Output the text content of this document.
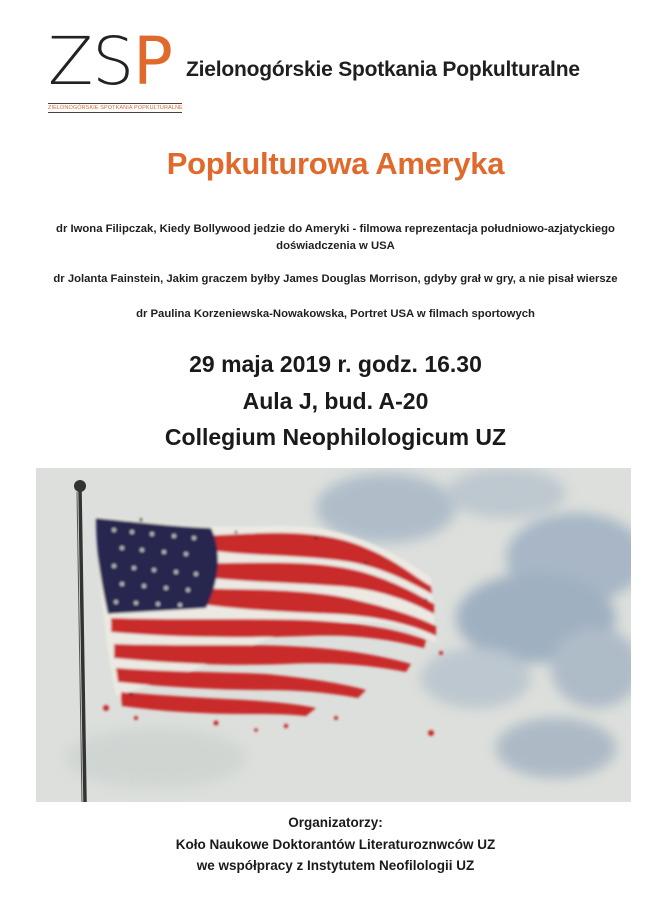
ZSP
ZIELONOGÓRSKIE SPOTKANIA POPKULTURALNE
Zielonogórskie Spotkania Popkulturalne
Popkulturowa Ameryka
dr Iwona Filipczak, Kiedy Bollywood jedzie do Ameryki - filmowa reprezentacja południowo-azjatyckiego doświadczenia w USA
dr Jolanta Fainstein, Jakim graczem byłby James Douglas Morrison, gdyby grał w gry, a nie pisał wiersze
dr Paulina Korzeniewska-Nowakowska, Portret USA w filmach sportowych
29 maja 2019 r. godz. 16.30
Aula J, bud. A-20
Collegium Neophilologicum UZ
Organizatorzy:
Koło Naukowe Doktorantów Literaturoznwców UZ
we współpracy z Instytutem Neofilologii UZ
